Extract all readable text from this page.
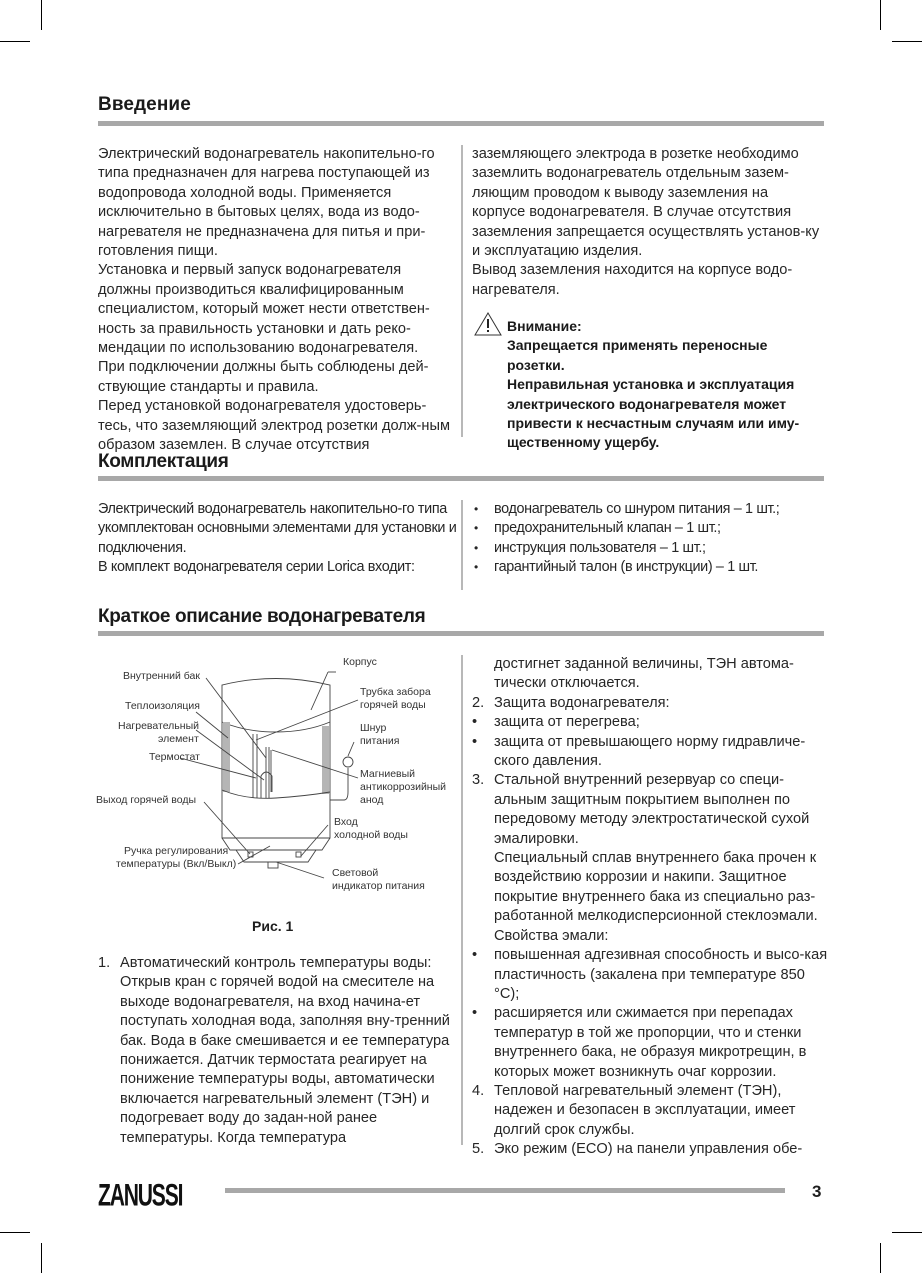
Введение

Электрический водонагреватель накопительно-го типа предназначен для нагрева поступающей из водопровода холодной воды. Применяется исключительно в бытовых целях, вода из водо-нагревателя не предназначена для питья и при-готовления пищи.

Установка и первый запуск водонагревателя должны производиться квалифицированным специалистом, который может нести ответствен-ность за правильность установки и дать реко-мендации по использованию водонагревателя.

При подключении должны быть соблюдены дей-ствующие стандарты и правила.

Перед установкой водонагревателя удостоверь-тесь, что заземляющий электрод розетки долж-ным образом заземлен. В случае отсутствия

заземляющего электрода в розетке необходимо заземлить водонагреватель отдельным зазем-ляющим проводом к выводу заземления на корпусе водонагревателя. В случае отсутствия заземления запрещается осуществлять установ-ку и эксплуатацию изделия.

Вывод заземления находится на корпусе водо-нагревателя.

Внимание:

Запрещается применять переносные розетки.

Неправильная установка и эксплуатация электрического водонагревателя может привести к несчастным случаям или иму-щественному ущербу.

Комплектация

Электрический водонагреватель накопительно-го типа укомплектован основными элементами для установки и подключения.

В комплект водонагревателя серии Lorica входит:

• водонагреватель со шнуром питания – 1 шт.;
• предохранительный клапан – 1 шт.;
• инструкция пользователя – 1 шт.;
• гарантийный талон (в инструкции) – 1 шт.
Краткое описание водонагревателя
Корпус
Внутренний бак
Трубка забора
горячей воды
Теплоизоляция
Нагревательный
элемент
Шнур
питания
Термостат
Магниевый
антикоррозийный
анод
Выход горячей воды
Вход
холодной воды
Ручка регулирования
температуры (Вкл/Выкл)
Световой
индикатор питания
Рис. 1
1. Автоматический контроль температуры воды: Открыв кран с горячей водой на смесителе на выходе водонагревателя, на вход начина-ет поступать холодная вода, заполняя вну-тренний бак. Вода в баке смешивается и ее температура понижается. Датчик термостата реагирует на понижение температуры воды, автоматически включается нагревательный элемент (ТЭН) и подогревает воду до задан-ной ранее температуры. Когда температура
достигнет заданной величины, ТЭН автома-тически отключается.
2. Защита водонагревателя:
• защита от перегрева;
• защита от превышающего норму гидравличе-ского давления.
3. Стальной внутренний резервуар со специ-альным защитным покрытием выполнен по передовому методу электростатической сухой эмалировки.
Специальный сплав внутреннего бака прочен к воздействию коррозии и накипи. Защитное покрытие внутреннего бака из специально раз-работанной мелкодисперсионной стеклоэмали. Свойства эмали:
• повышенная адгезивная способность и высо-кая пластичность (закалена при температуре 850 °С);
• расширяется или сжимается при перепадах температур в той же пропорции, что и стенки внутреннего бака, не образуя микротрещин, в которых может возникнуть очаг коррозии.
4. Тепловой нагревательный элемент (ТЭН), надежен и безопасен в эксплуатации, имеет долгий срок службы.
5. Эко режим (ECO) на панели управления обе-
ZANUSSI	3
